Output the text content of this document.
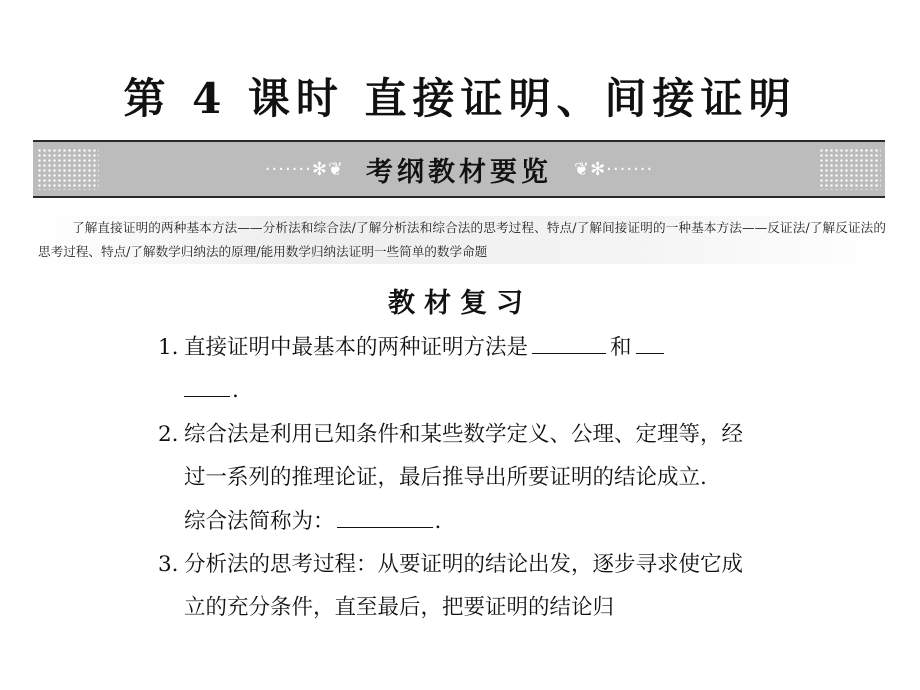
第 4 课时 直接证明、间接证明
·······✻❦ 考纲教材要览 ❦✻·······
了解直接证明的两种基本方法——分析法和综合法/了解分析法和综合法的思考过程、特点/了解间接证明的一种基本方法——反证法/了解反证法的思考过程、特点/了解数学归纳法的原理/能用数学归纳法证明一些简单的数学命题
教材复习
1. 直接证明中最基本的两种证明方法是	和
.
2. 综合法是利用已知条件和某些数学定义、公理、定理等，经过一系列的推理论证，最后推导出所要证明的结论成立.
综合法简称为：	.
3. 分析法的思考过程：从要证明的结论出发，逐步寻求使它成立的充分条件，直至最后，把要证明的结论归
